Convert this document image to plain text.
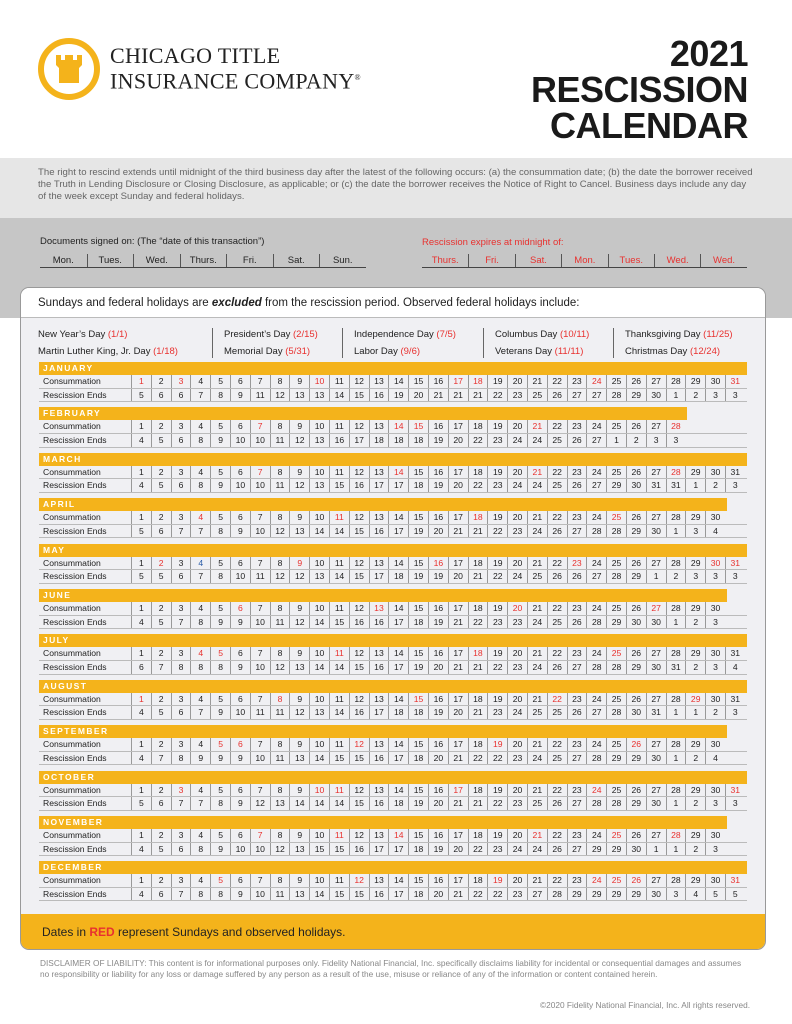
CHICAGO TITLE
INSURANCE COMPANY®
2021
RESCISSION
CALENDAR
The right to rescind extends until midnight of the third business day after the latest of the following occurs: (a) the consummation date; (b) the date the borrower received the Truth in Lending Disclosure or Closing Disclosure, as applicable; or (c) the date the borrower receives the Notice of Right to Cancel. Business days include any day of the week except Sunday and federal holidays.
Documents signed on: (The “date of this transaction”)	Rescission expires at midnight of:
Mon.	Tues.	Wed.	Thurs.	Fri.	Sat.	Sun.	Thurs.	Fri.	Sat.	Mon.	Tues.	Wed.	Wed.
Sundays and federal holidays are excluded from the rescission period. Observed federal holidays include:
New Year’s Day (1/1)
Martin Luther King, Jr. Day (1/18)
President’s Day (2/15)
Memorial Day (5/31)
Independence Day (7/5)
Labor Day (9/6)
Columbus Day (10/11)
Veterans Day (11/11)
Thanksgiving Day (11/25)
Christmas Day (12/24)
JANUARY
Consummation	1	2	3	4	5	6	7	8	9	10	11	12	13	14	15	16	17	18	19	20	21	22	23	24	25	26	27	28	29	30	31
Rescission Ends	5	6	6	7	8	9	11	12	13	13	14	15	16	19	20	21	21	21	22	23	25	26	27	27	28	29	30	1	2	3	3
FEBRUARY
Consummation	1	2	3	4	5	6	7	8	9	10	11	12	13	14	15	16	17	18	19	20	21	22	23	24	25	26	27	28
Rescission Ends	4	5	6	8	9	10	10	11	12	13	16	17	18	18	18	19	20	22	23	24	24	25	26	27	1	2	3	3
MARCH
Consummation	1	2	3	4	5	6	7	8	9	10	11	12	13	14	15	16	17	18	19	20	21	22	23	24	25	26	27	28	29	30	31
Rescission Ends	4	5	6	8	9	10	10	11	12	13	15	16	17	17	18	19	20	22	23	24	24	25	26	27	29	30	31	31	1	2	3
APRIL
Consummation	1	2	3	4	5	6	7	8	9	10	11	12	13	14	15	16	17	18	19	20	21	22	23	24	25	26	27	28	29	30
Rescission Ends	5	6	7	7	8	9	10	12	13	14	14	15	16	17	19	20	21	21	22	23	24	26	27	28	28	29	30	1	3	4
MAY
Consummation	1	2	3	4	5	6	7	8	9	10	11	12	13	14	15	16	17	18	19	20	21	22	23	24	25	26	27	28	29	30	31
Rescission Ends	5	5	6	7	8	10	11	12	12	13	14	15	17	18	19	19	20	21	22	24	25	26	26	27	28	29	1	2	3	3	3
JUNE
Consummation	1	2	3	4	5	6	7	8	9	10	11	12	13	14	15	16	17	18	19	20	21	22	23	24	25	26	27	28	29	30
Rescission Ends	4	5	7	8	9	9	10	11	12	14	15	16	16	17	18	19	21	22	23	23	24	25	26	28	29	30	30	1	2	3
JULY
Consummation	1	2	3	4	5	6	7	8	9	10	11	12	13	14	15	16	17	18	19	20	21	22	23	24	25	26	27	28	29	30	31
Rescission Ends	6	7	8	8	8	9	10	12	13	14	14	15	16	17	19	20	21	21	22	23	24	26	27	28	28	29	30	31	2	3	4
AUGUST
Consummation	1	2	3	4	5	6	7	8	9	10	11	12	13	14	15	16	17	18	19	20	21	22	23	24	25	26	27	28	29	30	31
Rescission Ends	4	5	6	7	9	10	11	11	12	13	14	16	17	18	18	19	20	21	23	24	25	25	26	27	28	30	31	1	1	2	3
SEPTEMBER
Consummation	1	2	3	4	5	6	7	8	9	10	11	12	13	14	15	16	17	18	19	20	21	22	23	24	25	26	27	28	29	30
Rescission Ends	4	7	8	9	9	9	10	11	13	14	15	15	16	17	18	20	21	22	22	23	24	25	27	28	29	29	30	1	2	4
OCTOBER
Consummation	1	2	3	4	5	6	7	8	9	10	11	12	13	14	15	16	17	18	19	20	21	22	23	24	25	26	27	28	29	30	31
Rescission Ends	5	6	7	7	8	9	12	13	14	14	14	15	16	18	19	20	21	21	22	23	25	26	27	28	28	29	30	1	2	3	3
NOVEMBER
Consummation	1	2	3	4	5	6	7	8	9	10	11	12	13	14	15	16	17	18	19	20	21	22	23	24	25	26	27	28	29	30
Rescission Ends	4	5	6	8	9	10	10	12	13	15	15	16	17	17	18	19	20	22	23	24	24	26	27	29	29	30	1	1	2	3
DECEMBER
Consummation	1	2	3	4	5	6	7	8	9	10	11	12	13	14	15	16	17	18	19	20	21	22	23	24	25	26	27	28	29	30	31
Rescission Ends	4	6	7	8	8	9	10	11	13	14	15	15	16	17	18	20	21	22	22	23	27	28	29	29	29	29	30	3	4	5	5
Dates in RED represent Sundays and observed holidays.
DISCLAIMER OF LIABILITY: This content is for informational purposes only. Fidelity National Financial, Inc. specifically disclaims liability for incidental or consequential damages and assumes no responsibility or liability for any loss or damage suffered by any person as a result of the use, misuse or reliance of any of the information or content contained herein.
©2020 Fidelity National Financial, Inc. All rights reserved.
